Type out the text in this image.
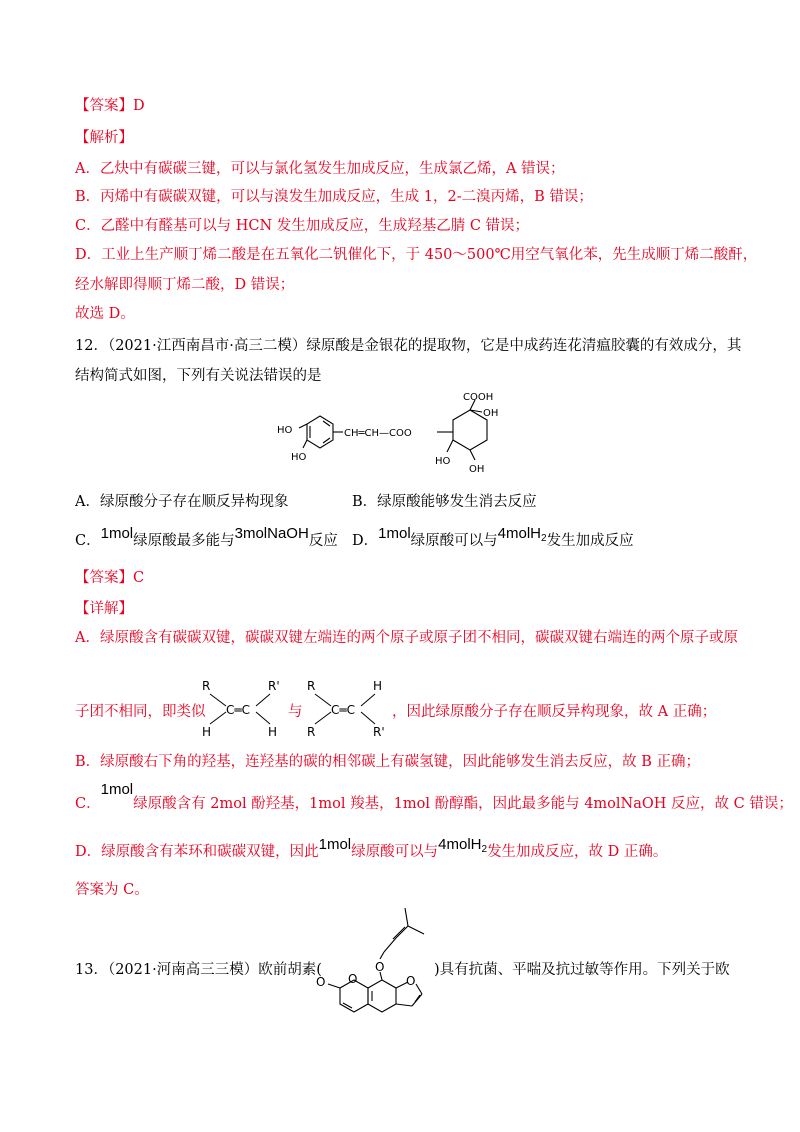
【答案】D
【解析】
A．乙炔中有碳碳三键，可以与氯化氢发生加成反应，生成氯乙烯，A 错误；
B．丙烯中有碳碳双键，可以与溴发生加成反应，生成 1，2-二溴丙烯，B 错误；
C．乙醛中有醛基可以与 HCN 发生加成反应，生成羟基乙腈 C 错误；
D．工业上生产顺丁烯二酸是在五氧化二钒催化下，于 450～500℃用空气氧化苯，先生成顺丁烯二酸酐，
经水解即得顺丁烯二酸，D 错误；
故选 D。
12．（2021·江西南昌市·高三二模）绿原酸是金银花的提取物，它是中成药连花清瘟胶囊的有效成分，其
结构简式如图，下列有关说法错误的是
HO
HO
CH═CH—COO
COOH
OH
HO
OH
A．绿原酸分子存在顺反异构现象	B．绿原酸能够发生消去反应
C．1mol绿原酸最多能与3molNaOH反应 D．1mol绿原酸可以与4molH$_2$发生加成反应
【答案】C
【详解】
A．绿原酸含有碳碳双键，碳碳双键左端连的两个原子或原子团不相同，碳碳双键右端连的两个原子或原
子团不相同，即类似
R
H
C═C
R'
H
与
R
R
C═C
H
R'
，因此绿原酸分子存在顺反异构现象，故 A 正确；
B．绿原酸右下角的羟基，连羟基的碳的相邻碳上有碳氢键，因此能够发生消去反应，故 B 正确；
C．1mol绿原酸含有 2mol 酚羟基，1mol 羧基，1mol 酚醇酯，因此最多能与 4molNaOH 反应，故 C 错误；
D．绿原酸含有苯环和碳碳双键，因此1mol绿原酸可以与4molH$_2$发生加成反应，故 D 正确。
答案为 C。
13．（2021·河南高三三模）欧前胡素(	O
O O	O
)具有抗菌、平喘及抗过敏等作用。下列关于欧
